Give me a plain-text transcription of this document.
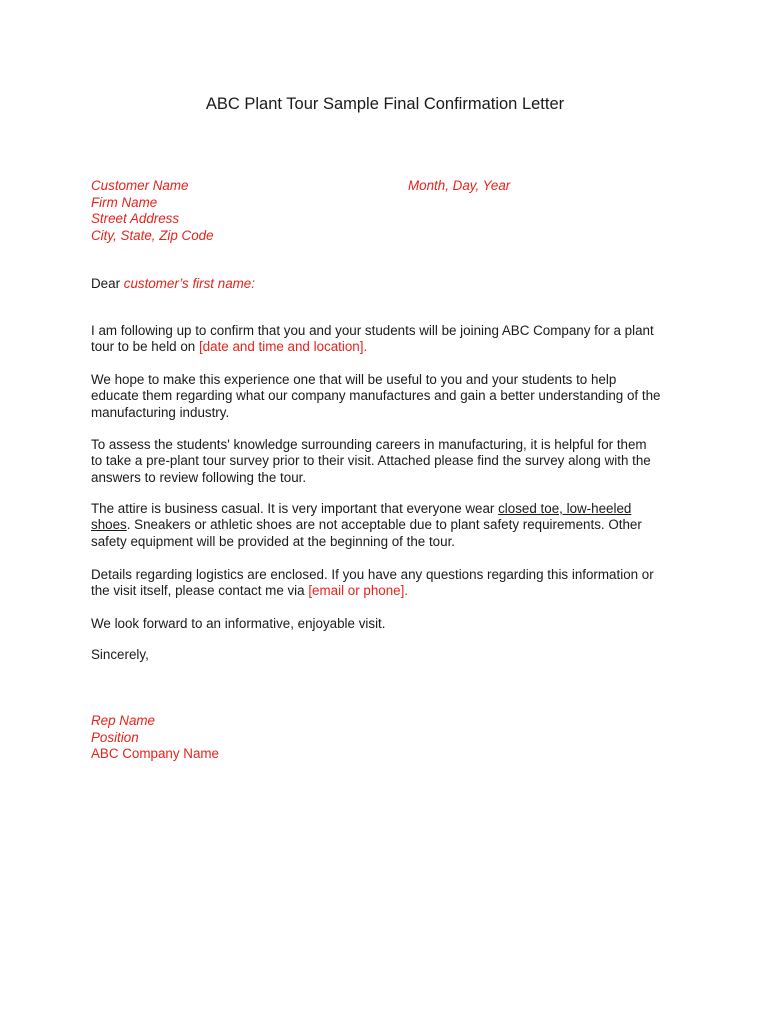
ABC Plant Tour Sample Final Confirmation Letter
Customer Name
Firm Name
Street Address
City, State, Zip Code
Month, Day, Year
Dear customer’s first name:
I am following up to confirm that you and your students will be joining ABC Company for a plant
tour to be held on [date and time and location].
We hope to make this experience one that will be useful to you and your students to help
educate them regarding what our company manufactures and gain a better understanding of the
manufacturing industry.
To assess the students' knowledge surrounding careers in manufacturing, it is helpful for them
to take a pre-plant tour survey prior to their visit. Attached please find the survey along with the
answers to review following the tour.
The attire is business casual. It is very important that everyone wear closed toe, low-heeled
shoes. Sneakers or athletic shoes are not acceptable due to plant safety requirements. Other
safety equipment will be provided at the beginning of the tour.
Details regarding logistics are enclosed. If you have any questions regarding this information or
the visit itself, please contact me via [email or phone].
We look forward to an informative, enjoyable visit.
Sincerely,
Rep Name
Position
ABC Company Name
